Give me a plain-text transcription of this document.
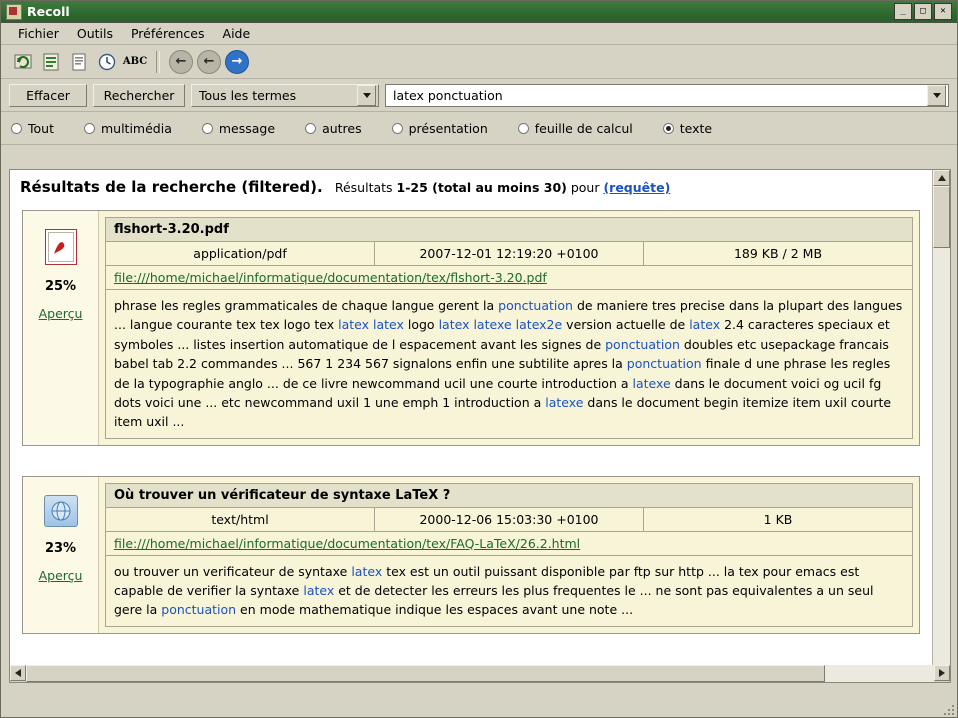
Recoll	_	□	✕
Fichier	Outils	Préférences	Aide
ABC	←	←	→
Effacer	Rechercher	Tous les termes	latex ponctuation
Tout	multimédia	message	autres	présentation	feuille de calcul	texte
Résultats de la recherche (filtered). Résultats 1-25 (total au moins 30) pour (requête)
25%
Aperçu
flshort-3.20.pdf
application/pdf	2007-12-01 12:19:20 +0100	189 KB / 2 MB
file:///home/michael/informatique/documentation/tex/flshort-3.20.pdf
phrase les regles grammaticales de chaque langue gerent la ponctuation de maniere tres precise dans la plupart des langues ... langue courante tex tex logo tex latex latex logo latex latexe latex2e version actuelle de latex 2.4 caracteres speciaux et symboles ... listes insertion automatique de l espacement avant les signes de ponctuation doubles etc usepackage francais babel tab 2.2 commandes ... 567 1 234 567 signalons enfin une subtilite apres la ponctuation finale d une phrase les regles de la typographie anglo ... de ce livre newcommand ucil une courte introduction a latexe dans le document voici og ucil fg dots voici une ... etc newcommand uxil 1 une emph 1 introduction a latexe dans le document begin itemize item uxil courte item uxil ...
23%
Aperçu
Où trouver un vérificateur de syntaxe LaTeX ?
text/html	2000-12-06 15:03:30 +0100	1 KB
file:///home/michael/informatique/documentation/tex/FAQ-LaTeX/26.2.html
ou trouver un verificateur de syntaxe latex tex est un outil puissant disponible par ftp sur http ... la tex pour emacs est capable de verifier la syntaxe latex et de detecter les erreurs les plus frequentes le ... ne sont pas equivalentes a un seul gere la ponctuation en mode mathematique indique les espaces avant une note ...
